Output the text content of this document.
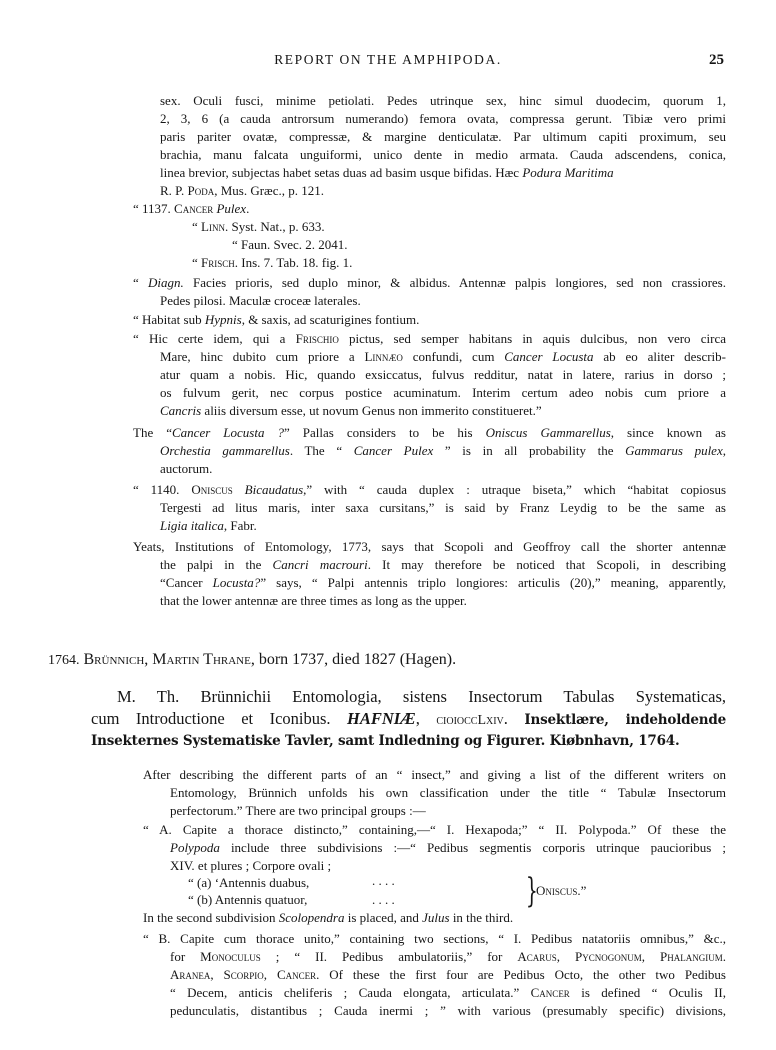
REPORT ON THE AMPHIPODA.	25
sex. Oculi fusci, minime petiolati. Pedes utrinque sex, hinc simul duodecim, quorum 1,
2, 3, 6 (a cauda antrorsum numerando) femora ovata, compressa gerunt. Tibiæ vero primi
paris pariter ovatæ, compressæ, & margine denticulatæ. Par ultimum capiti proximum, seu
brachia, manu falcata unguiformi, unico dente in medio armata. Cauda adscendens, conica,
linea brevior, subjectas habet setas duas ad basim usque bifidas. Hæc Podura Maritima
R. P. Poda, Mus. Græc., p. 121.
“ 1137. Cancer Pulex.
“ Linn. Syst. Nat., p. 633.
“ Faun. Svec. 2. 2041.
“ Frisch. Ins. 7. Tab. 18. fig. 1.
“ Diagn. Facies prioris, sed duplo minor, & albidus. Antennæ palpis longiores, sed non crassiores.
Pedes pilosi. Maculæ croceæ laterales.
“ Habitat sub Hypnis, & saxis, ad scaturigines fontium.
“ Hic certe idem, qui a Frischio pictus, sed semper habitans in aquis dulcibus, non vero circa
Mare, hinc dubito cum priore a Linnæo confundi, cum Cancer Locusta ab eo aliter describ-
atur quam a nobis. Hic, quando exsiccatus, fulvus redditur, natat in latere, rarius in dorso ;
os fulvum gerit, nec corpus postice acuminatum. Interim certum adeo nobis cum priore a
Cancris aliis diversum esse, ut novum Genus non immerito constitueret.”
The “Cancer Locusta ?” Pallas considers to be his Oniscus Gammarellus, since known as
Orchestia gammarellus. The “ Cancer Pulex ” is in all probability the Gammarus pulex,
auctorum.
“ 1140. Oniscus Bicaudatus,” with “ cauda duplex : utraque biseta,” which “habitat copiosus
Tergesti ad litus maris, inter saxa cursitans,” is said by Franz Leydig to be the same as
Ligia italica, Fabr.
Yeats, Institutions of Entomology, 1773, says that Scopoli and Geoffroy call the shorter antennæ
the palpi in the Cancri macrouri. It may therefore be noticed that Scopoli, in describing
“Cancer Locusta?” says, “ Palpi antennis triplo longiores: articulis (20),” meaning, apparently,
that the lower antennæ are three times as long as the upper.
1764. Brünnich, Martin Thrane, born 1737, died 1827 (Hagen).
M. Th. Brünnichii Entomologia, sistens Insectorum Tabulas Systematicas,
cum Introductione et Iconibus. HAFNIÆ, cioioccLxiv. Insektlære, indeholdende
Insekternes Systematiske Tavler, samt Indledning og Figurer. Kiøbnhavn, 1764.
After describing the different parts of an “ insect,” and giving a list of the different writers on
Entomology, Brünnich unfolds his own classification under the title “ Tabulæ Insectorum
perfectorum.” There are two principal groups :—
“ A. Capite a thorace distincto,” containing,—“ I. Hexapoda;” “ II. Polypoda.” Of these the
Polypoda include three subdivisions :—“ Pedibus segmentis corporis utrinque paucioribus ;
XIV. et plures ; Corpore ovali ;
“ (a) ‘Antennis duabus,
“ (b) Antennis quatuor,
. . . .
. . . .	}
Oniscus.”
In the second subdivision Scolopendra is placed, and Julus in the third.
“ B. Capite cum thorace unito,” containing two sections, “ I. Pedibus natatoriis omnibus,” &c.,
for Monoculus ; “ II. Pedibus ambulatoriis,” for Acarus, Pycnogonum, Phalangium.
Aranea, Scorpio, Cancer. Of these the first four are Pedibus Octo, the other two Pedibus
“ Decem, anticis cheliferis ; Cauda elongata, articulata.” Cancer is defined “ Oculis II,
pedunculatis, distantibus ; Cauda inermi ; ” with various (presumably specific) divisions,
